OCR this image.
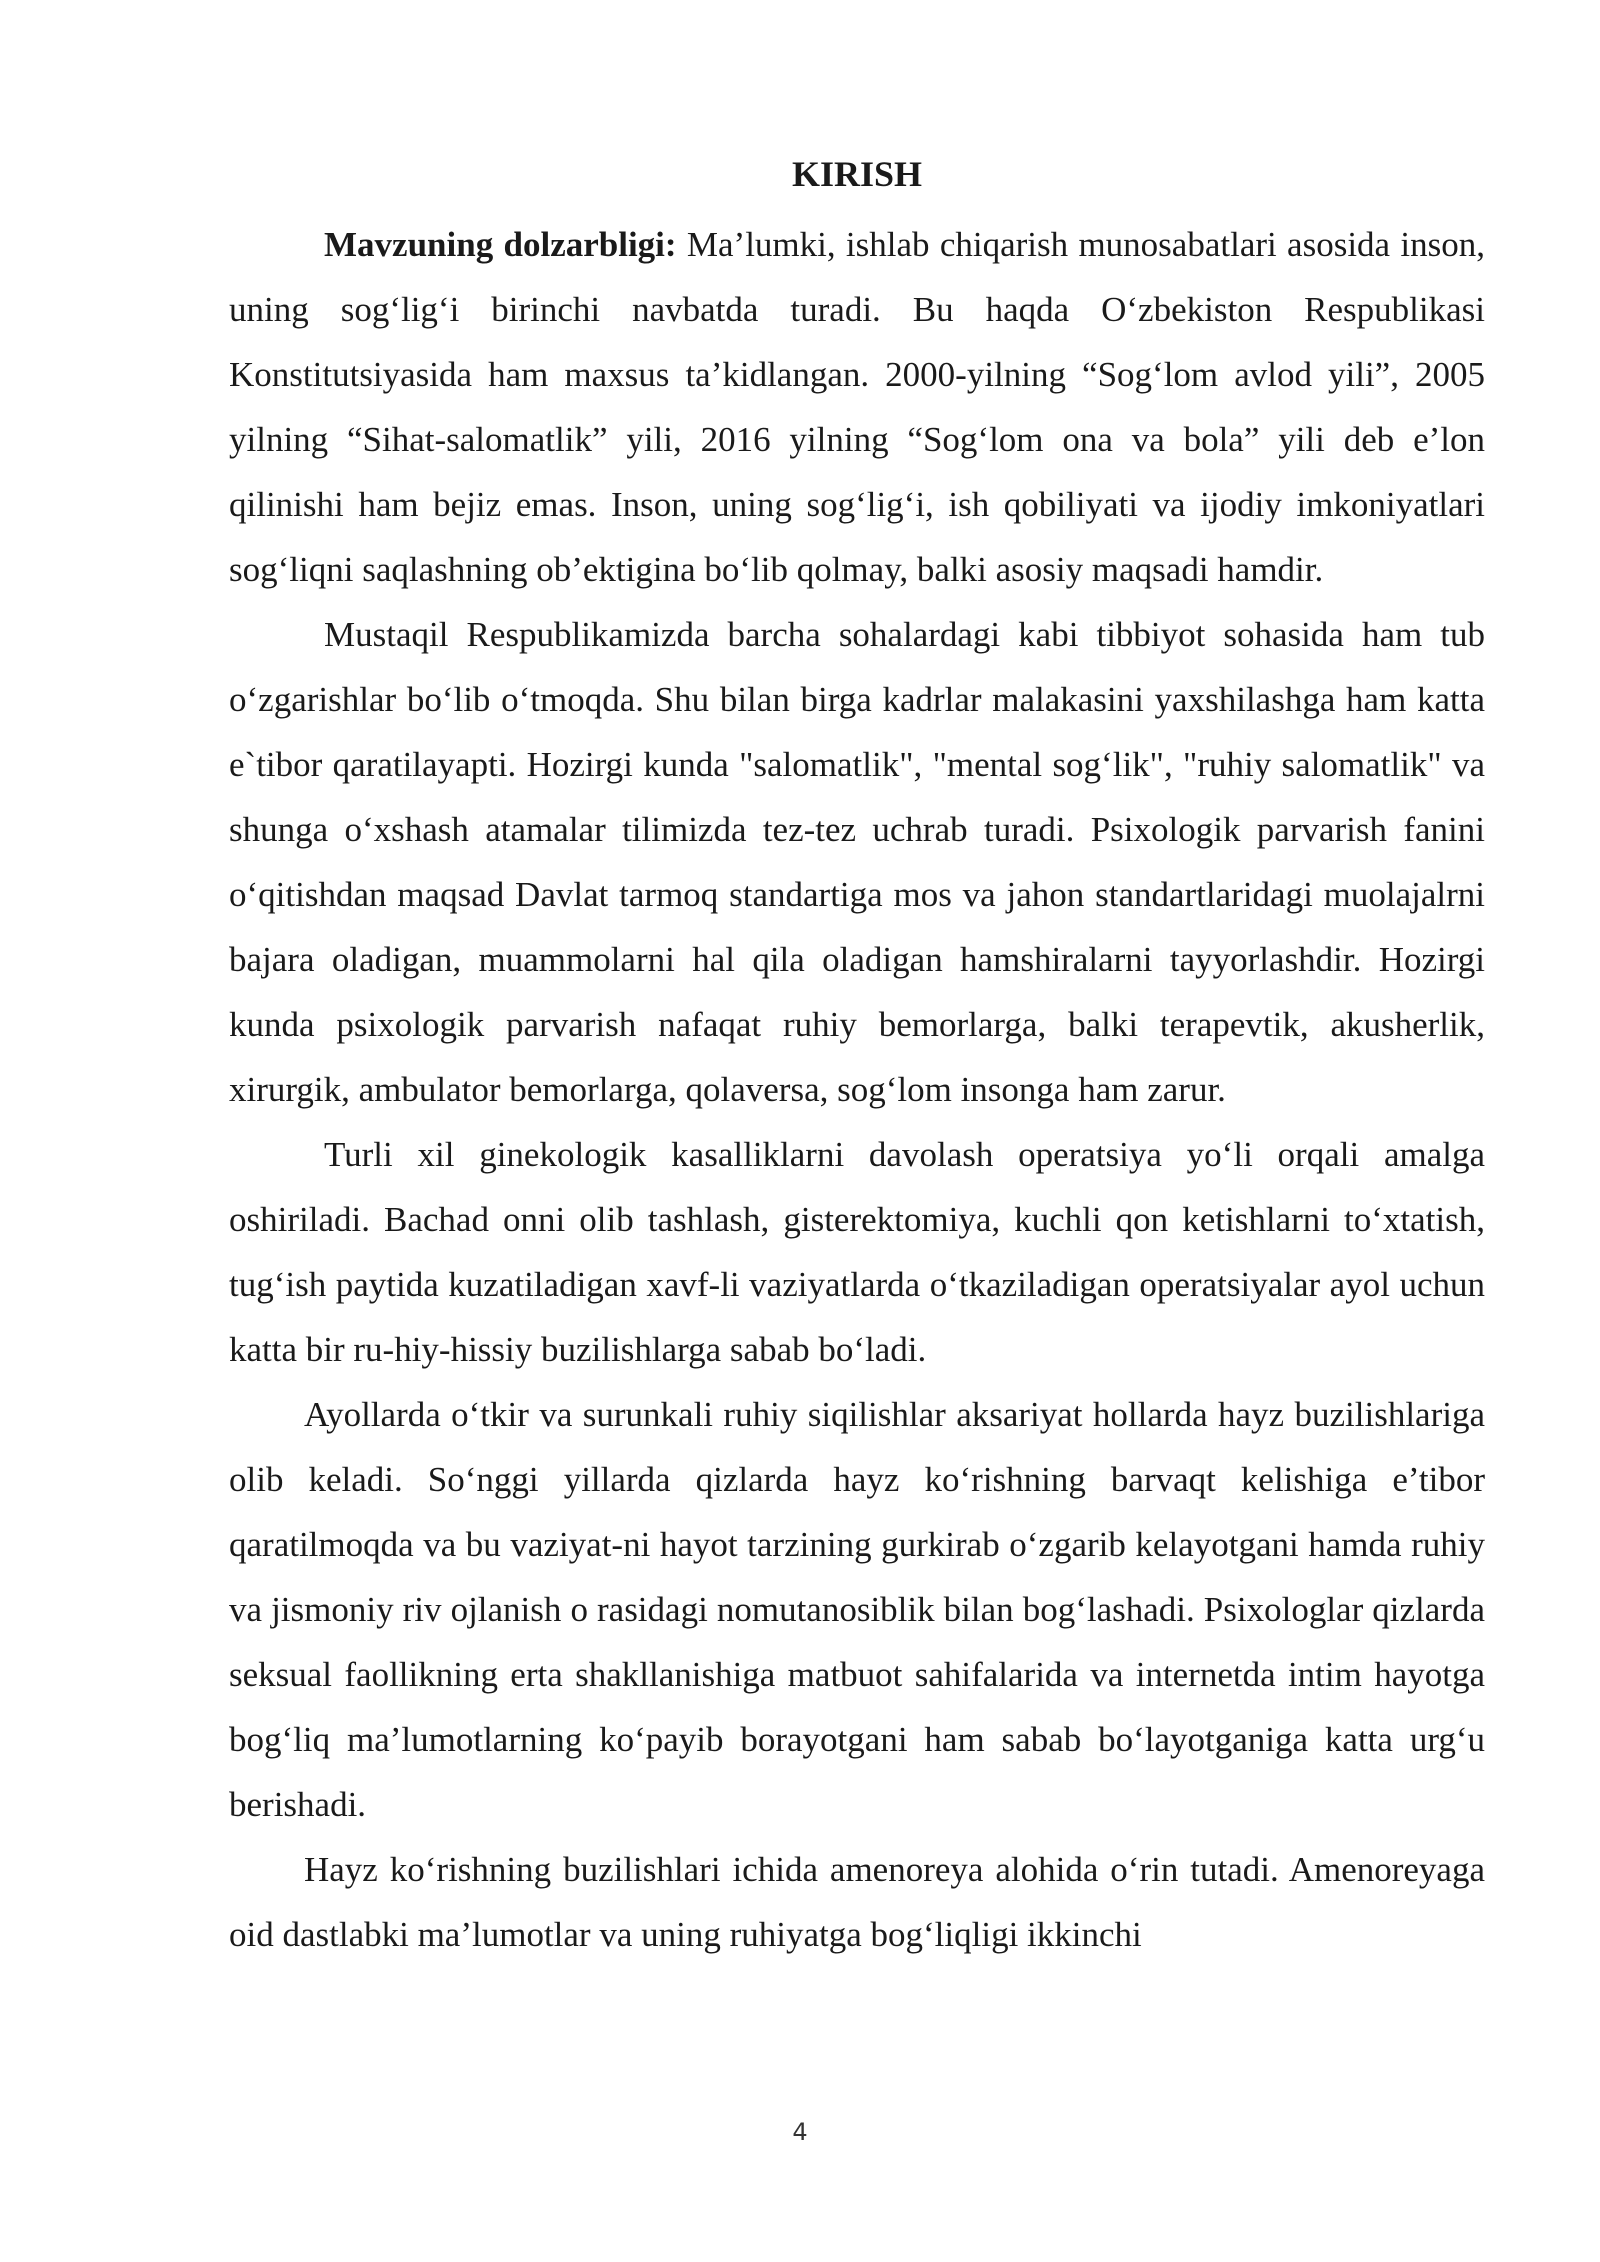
KIRISH

Mavzuning dolzarbligi: Ma’lumki, ishlab chiqarish munosabatlari asosida inson, uning sog‘lig‘i birinchi navbatda turadi. Bu haqda O‘zbekiston Respublikasi Konstitutsiyasida ham maxsus ta’kidlangan. 2000-yilning “Sog‘lom avlod yili”, 2005 yilning “Sihat-salomatlik” yili, 2016 yilning “Sog‘lom ona va bola” yili deb e’lon qilinishi ham bejiz emas. Inson, uning sog‘lig‘i, ish qobiliyati va ijodiy imkoniyatlari sog‘liqni saqlashning ob’ektigina bo‘lib qolmay, balki asosiy maqsadi hamdir.

Mustaqil Respublikamizda barcha sohalardagi kabi tibbiyot sohasida ham tub o‘zgarishlar bo‘lib o‘tmoqda. Shu bilan birga kadrlar malakasini yaxshilashga ham katta e`tibor qaratilayapti. Hozirgi kunda "salomatlik", "mental sog‘lik", "ruhiy salomatlik" va shunga o‘xshash atamalar tilimizda tez-tez uchrab turadi. Psixologik parvarish fanini o‘qitishdan maqsad Davlat tarmoq standartiga mos va jahon standartlaridagi muolajalrni bajara oladigan, muammolarni hal qila oladigan hamshiralarni tayyorlashdir. Hozirgi kunda psixologik parvarish nafaqat ruhiy bemorlarga, balki terapevtik, akusherlik, xirurgik, ambulator bemorlarga, qolaversa, sog‘lom insonga ham zarur.

Turli xil ginekologik kasalliklarni davolash operatsiya yo‘li orqali amalga oshiriladi. Bachad onni olib tashlash, gisterektomiya, kuchli qon ketishlarni to‘xtatish, tug‘ish paytida kuzatiladigan xavf-li vaziyatlarda o‘tkaziladigan operatsiyalar ayol uchun katta bir ru-hiy-hissiy buzilishlarga sabab bo‘ladi.

Ayollarda o‘tkir va surunkali ruhiy siqilishlar aksariyat hollarda hayz buzilishlariga olib keladi. So‘nggi yillarda qizlarda hayz ko‘rishning barvaqt kelishiga e’tibor qaratilmoqda va bu vaziyat-ni hayot tarzining gurkirab o‘zgarib kelayotgani hamda ruhiy va jismoniy riv ojlanish o rasidagi nomutanosiblik bilan bog‘lashadi. Psixologlar qizlarda seksual faollikning erta shakllanishiga matbuot sahifalarida va internetda intim hayotga bog‘liq ma’lumotlarning ko‘payib borayotgani ham sabab bo‘layotganiga katta urg‘u berishadi.

Hayz ko‘rishning buzilishlari ichida amenoreya alohida o‘rin tutadi. Amenoreyaga oid dastlabki ma’lumotlar va uning ruhiyatga bog‘liqligi ikkinchi

4
